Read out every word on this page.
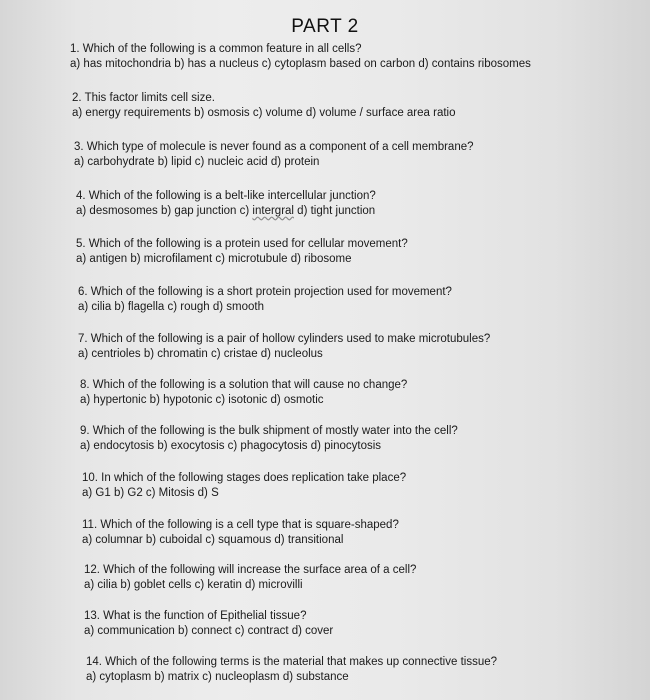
PART 2
1. Which of the following is a common feature in all cells?
a) has mitochondria b) has a nucleus c) cytoplasm based on carbon d) contains ribosomes
2. This factor limits cell size.
a) energy requirements b) osmosis c) volume d) volume / surface area ratio
3. Which type of molecule is never found as a component of a cell membrane?
a) carbohydrate b) lipid c) nucleic acid d) protein
4. Which of the following is a belt-like intercellular junction?
a) desmosomes b) gap junction c) intergral d) tight junction
5. Which of the following is a protein used for cellular movement?
a) antigen b) microfilament c) microtubule d) ribosome
6. Which of the following is a short protein projection used for movement?
a) cilia b) flagella c) rough d) smooth
7. Which of the following is a pair of hollow cylinders used to make microtubules?
a) centrioles b) chromatin c) cristae d) nucleolus
8. Which of the following is a solution that will cause no change?
a) hypertonic b) hypotonic c) isotonic d) osmotic
9. Which of the following is the bulk shipment of mostly water into the cell?
a) endocytosis b) exocytosis c) phagocytosis d) pinocytosis
10. In which of the following stages does replication take place?
a) G1 b) G2 c) Mitosis d) S
11. Which of the following is a cell type that is square-shaped?
a) columnar b) cuboidal c) squamous d) transitional
12. Which of the following will increase the surface area of a cell?
a) cilia b) goblet cells c) keratin d) microvilli
13. What is the function of Epithelial tissue?
a) communication b) connect c) contract d) cover
14. Which of the following terms is the material that makes up connective tissue?
a) cytoplasm b) matrix c) nucleoplasm d) substance
